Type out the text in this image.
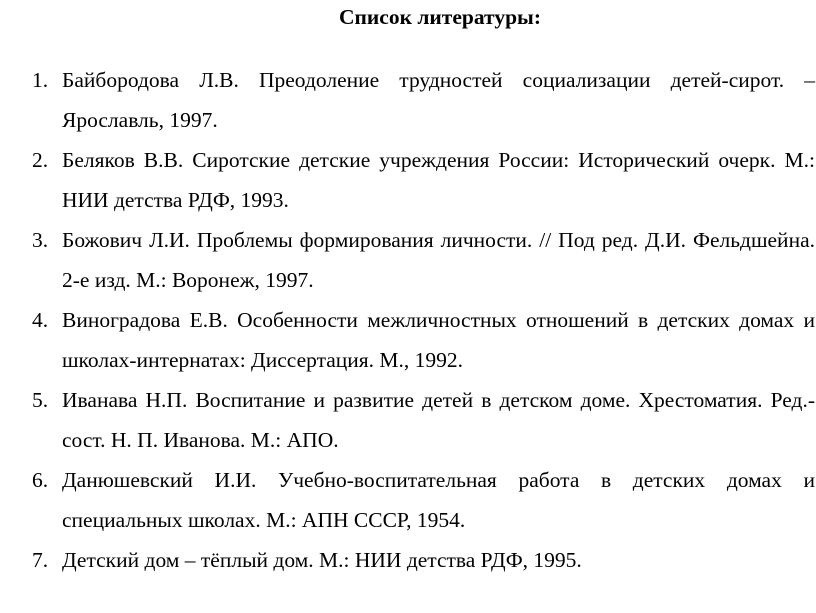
Список литературы:
1. Байбородова Л.В. Преодоление трудностей социализации детей-сирот. – Ярославль, 1997.
2. Беляков В.В. Сиротские детские учреждения России: Исторический очерк. М.: НИИ детства РДФ, 1993.
3. Божович Л.И. Проблемы формирования личности. // Под ред. Д.И. Фельдшейна. 2-е изд. М.: Воронеж, 1997.
4. Виноградова Е.В. Особенности межличностных отношений в детских домах и школах-интернатах: Диссертация. М., 1992.
5. Иванава Н.П. Воспитание и развитие детей в детском доме. Хрестоматия. Ред.-сост. Н. П. Иванова. М.: АПО.
6. Данюшевский И.И. Учебно-воспитательная работа в детских домах и специальных школах. М.: АПН СССР, 1954.
7. Детский дом – тёплый дом. М.: НИИ детства РДФ, 1995.
